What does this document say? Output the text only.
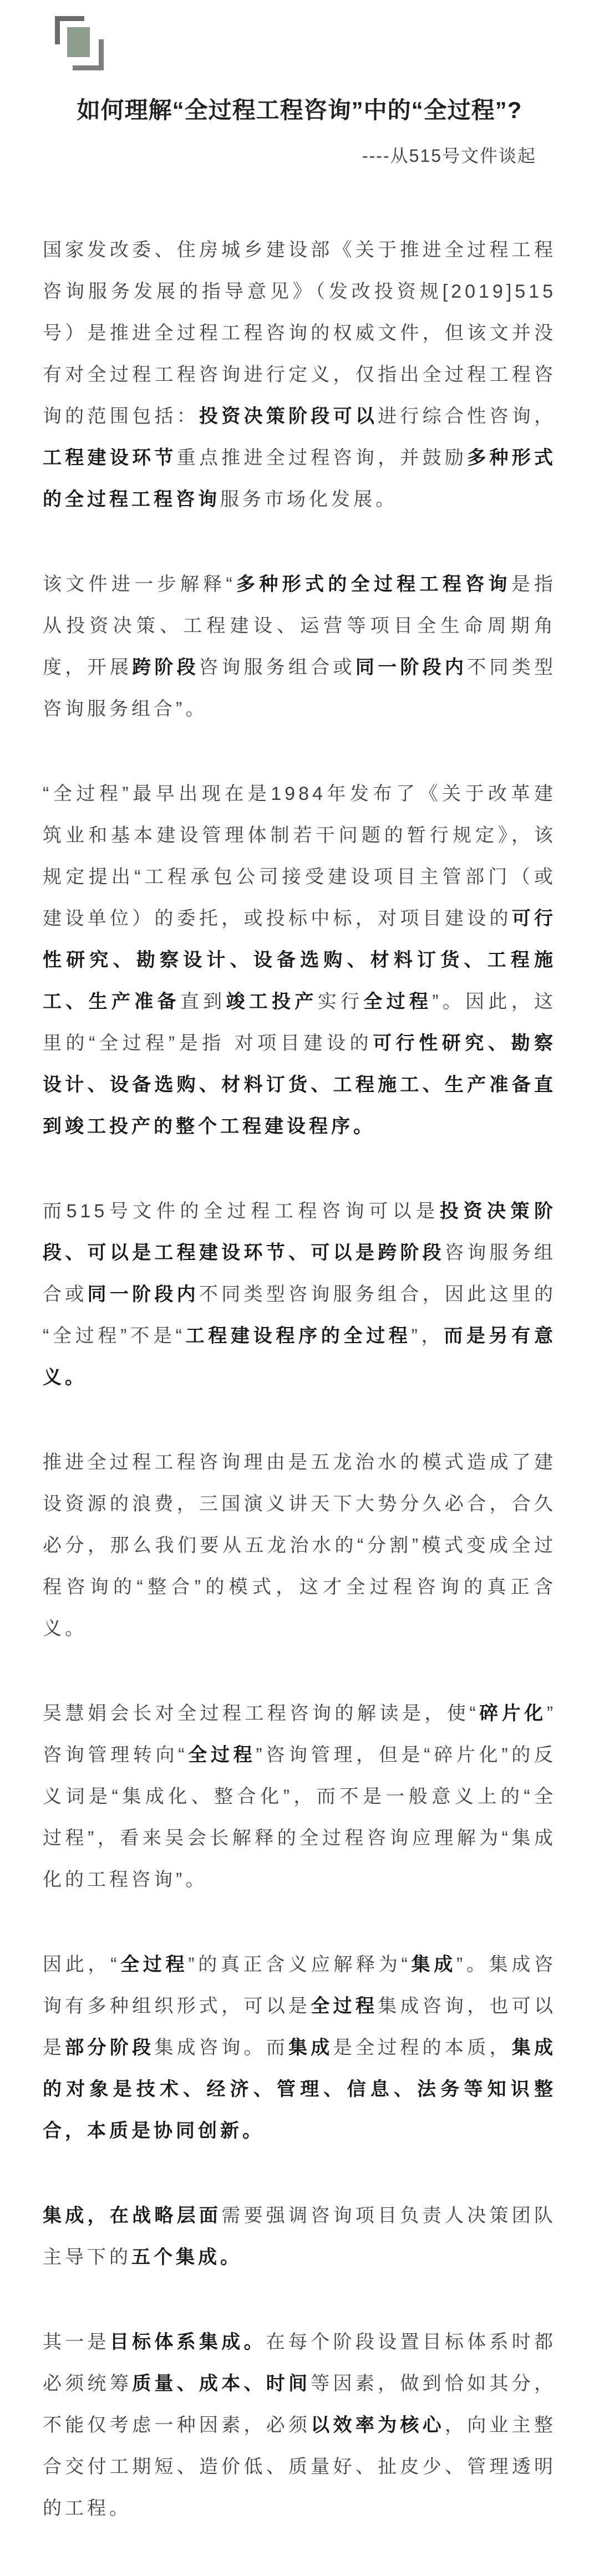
如何理解“全过程工程咨询”中的“全过程”?
----从515号文件谈起

国家发改委、住房城乡建设部《关于推进全过程工程咨询服务发展的指导意见》（发改投资规[2019]515号）是推进全过程工程咨询的权威文件，但该文并没有对全过程工程咨询进行定义，仅指出全过程工程咨询的范围包括：投资决策阶段可以进行综合性咨询，工程建设环节重点推进全过程咨询，并鼓励多种形式的全过程工程咨询服务市场化发展。

该文件进一步解释“多种形式的全过程工程咨询是指从投资决策、工程建设、运营等项目全生命周期角度，开展跨阶段咨询服务组合或同一阶段内不同类型咨询服务组合”。

“全过程”最早出现在是1984年发布了《关于改革建筑业和基本建设管理体制若干问题的暂行规定》，该规定提出“工程承包公司接受建设项目主管部门（或建设单位）的委托，或投标中标，对项目建设的可行性研究、勘察设计、设备选购、材料订货、工程施工、生产准备直到竣工投产实行全过程”。因此，这里的“全过程”是指 对项目建设的可行性研究、勘察设计、设备选购、材料订货、工程施工、生产准备直到竣工投产的整个工程建设程序。

而515号文件的全过程工程咨询可以是投资决策阶段、可以是工程建设环节、可以是跨阶段咨询服务组合或同一阶段内不同类型咨询服务组合，因此这里的“全过程”不是“工程建设程序的全过程”，而是另有意义。

推进全过程工程咨询理由是五龙治水的模式造成了建设资源的浪费，三国演义讲天下大势分久必合，合久必分，那么我们要从五龙治水的“分割”模式变成全过程咨询的“整合”的模式，这才全过程咨询的真正含义。

吴慧娟会长对全过程工程咨询的解读是，使“碎片化”咨询管理转向“全过程”咨询管理，但是“碎片化”的反义词是“集成化、整合化”，而不是一般意义上的“全过程”，看来吴会长解释的全过程咨询应理解为“集成化的工程咨询”。

因此，“全过程”的真正含义应解释为“集成”。集成咨询有多种组织形式，可以是全过程集成咨询，也可以是部分阶段集成咨询。而集成是全过程的本质，集成的对象是技术、经济、管理、信息、法务等知识整合，本质是协同创新。

集成，在战略层面需要强调咨询项目负责人决策团队主导下的五个集成。

其一是目标体系集成。在每个阶段设置目标体系时都必须统筹质量、成本、时间等因素，做到恰如其分，不能仅考虑一种因素，必须以效率为核心，向业主整合交付工期短、造价低、质量好、扯皮少、管理透明的工程。
